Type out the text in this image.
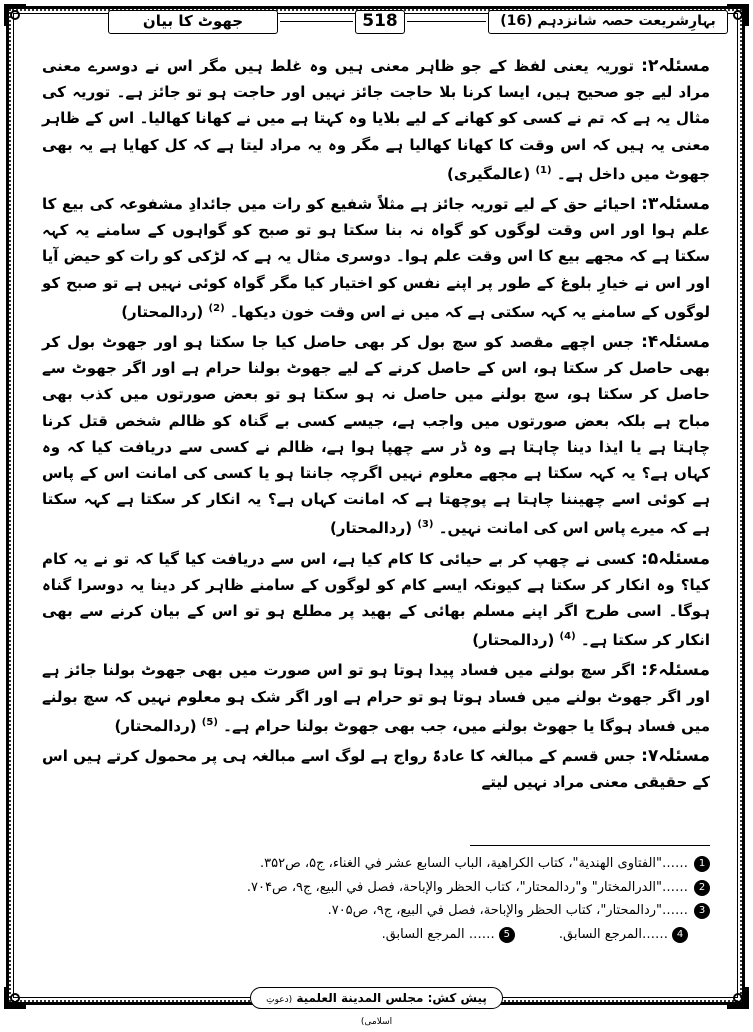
جھوٹ کا بیان	518	بہارِشریعت حصہ شانزدہم (16)

مسئلہ۲: توریہ یعنی لفظ کے جو ظاہر معنی ہیں وہ غلط ہیں مگر اس نے دوسرے معنی مراد لیے جو صحیح ہیں، ایسا کرنا بلا حاجت جائز نہیں اور حاجت ہو تو جائز ہے۔ توریہ کی مثال یہ ہے کہ تم نے کسی کو کھانے کے لیے بلایا وہ کہتا ہے میں نے کھانا کھالیا۔ اس کے ظاہر معنی یہ ہیں کہ اس وقت کا کھانا کھالیا ہے مگر وہ یہ مراد لیتا ہے کہ کل کھایا ہے یہ بھی جھوٹ میں داخل ہے۔ $^{(1)}$ (عالمگیری)

مسئلہ۳: احیائے حق کے لیے توریہ جائز ہے مثلاً شفیع کو رات میں جائدادِ مشفوعہ کی بیع کا علم ہوا اور اس وقت لوگوں کو گواہ نہ بنا سکتا ہو تو صبح کو گواہوں کے سامنے یہ کہہ سکتا ہے کہ مجھے بیع کا اس وقت علم ہوا۔ دوسری مثال یہ ہے کہ لڑکی کو رات کو حیض آیا اور اس نے خیارِ بلوغ کے طور پر اپنے نفس کو اختیار کیا مگر گواہ کوئی نہیں ہے تو صبح کو لوگوں کے سامنے یہ کہہ سکتی ہے کہ میں نے اس وقت خون دیکھا۔ $^{(2)}$ (ردالمحتار)

مسئلہ۴: جس اچھے مقصد کو سچ بول کر بھی حاصل کیا جا سکتا ہو اور جھوٹ بول کر بھی حاصل کر سکتا ہو، اس کے حاصل کرنے کے لیے جھوٹ بولنا حرام ہے اور اگر جھوٹ سے حاصل کر سکتا ہو، سچ بولنے میں حاصل نہ ہو سکتا ہو تو بعض صورتوں میں کذب بھی مباح ہے بلکہ بعض صورتوں میں واجب ہے، جیسے کسی بے گناہ کو ظالم شخص قتل کرنا چاہتا ہے یا ایذا دینا چاہتا ہے وہ ڈر سے چھپا ہوا ہے، ظالم نے کسی سے دریافت کیا کہ وہ کہاں ہے؟ یہ کہہ سکتا ہے مجھے معلوم نہیں اگرچہ جانتا ہو یا کسی کی امانت اس کے پاس ہے کوئی اسے چھیننا چاہتا ہے پوچھتا ہے کہ امانت کہاں ہے؟ یہ انکار کر سکتا ہے کہہ سکتا ہے کہ میرے پاس اس کی امانت نہیں۔ $^{(3)}$ (ردالمحتار)

مسئلہ۵: کسی نے چھپ کر بے حیائی کا کام کیا ہے، اس سے دریافت کیا گیا کہ تو نے یہ کام کیا؟ وہ انکار کر سکتا ہے کیونکہ ایسے کام کو لوگوں کے سامنے ظاہر کر دینا یہ دوسرا گناہ ہوگا۔ اسی طرح اگر اپنے مسلم بھائی کے بھید پر مطلع ہو تو اس کے بیان کرنے سے بھی انکار کر سکتا ہے۔ $^{(4)}$ (ردالمحتار)

مسئلہ۶: اگر سچ بولنے میں فساد پیدا ہوتا ہو تو اس صورت میں بھی جھوٹ بولنا جائز ہے اور اگر جھوٹ بولنے میں فساد ہوتا ہو تو حرام ہے اور اگر شک ہو معلوم نہیں کہ سچ بولنے میں فساد ہوگا یا جھوٹ بولنے میں، جب بھی جھوٹ بولنا حرام ہے۔ $^{(5)}$ (ردالمحتار)

مسئلہ۷: جس قسم کے مبالغہ کا عادۃً رواج ہے لوگ اسے مبالغہ ہی پر محمول کرتے ہیں اس کے حقیقی معنی مراد نہیں لیتے

1
……"الفتاوى الهندية"، كتاب الكراهية، الباب السابع عشر في الغناء، ج۵، ص۳۵۲.
2
……"الدرالمختار" و"ردالمحتار"، كتاب الحظر والإباحة، فصل في البيع، ج۹، ص۷۰۴.
3
……"ردالمحتار"، كتاب الحظر والإباحة، فصل في البيع، ج۹، ص۷۰۵.
4
……المرجع السابق.
5
…… المرجع السابق.
پیش کش: مجلس المدينة العلمية (دعوتِ اسلامی)
